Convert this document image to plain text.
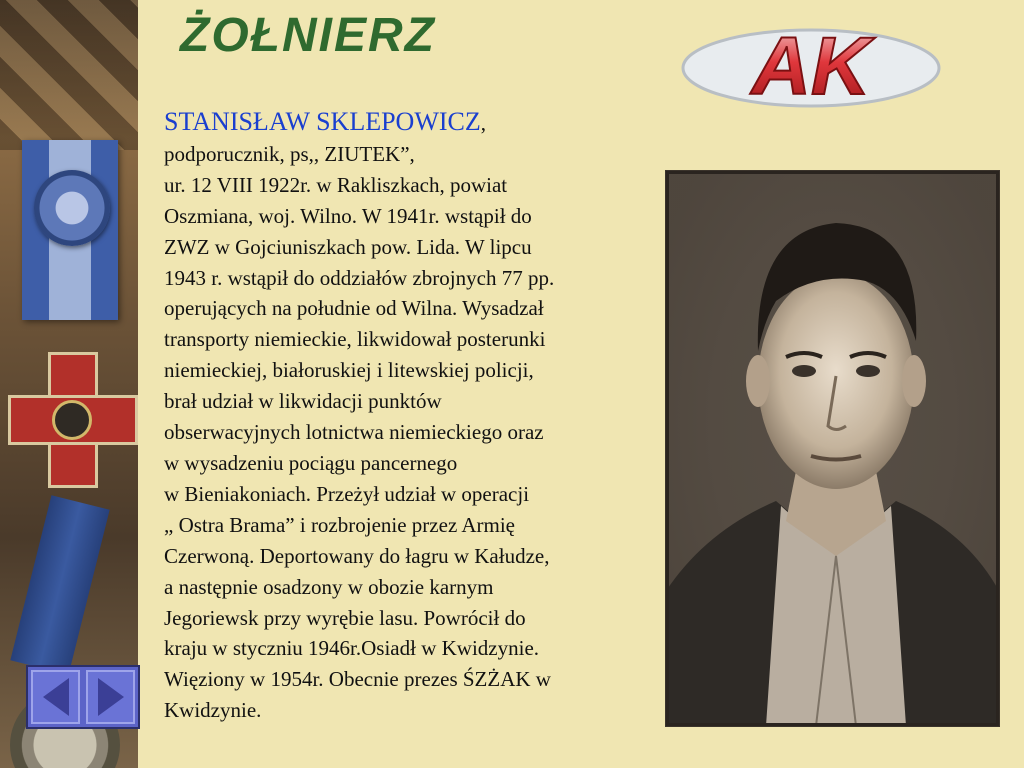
ŻOŁNIERZ	AK
STANISŁAW SKLEPOWICZ,
podporucznik, ps,, ZIUTEK”,
ur. 12 VIII 1922r. w Rakliszkach, powiat
Oszmiana, woj. Wilno. W 1941r. wstąpił do
ZWZ w Gojciuniszkach pow. Lida. W lipcu
1943 r. wstąpił do oddziałów zbrojnych 77 pp.
operujących na południe od Wilna. Wysadzał
transporty niemieckie, likwidował posterunki
niemieckiej, białoruskiej i litewskiej policji,
brał udział w likwidacji punktów
obserwacyjnych lotnictwa niemieckiego oraz
w wysadzeniu pociągu pancernego
w Bieniakoniach. Przeżył udział w operacji
„ Ostra Brama” i rozbrojenie przez Armię
Czerwoną. Deportowany do łagru w Kałudze,
a następnie osadzony w obozie karnym
Jegoriewsk przy wyrębie lasu. Powrócił do
kraju w styczniu 1946r.Osiadł w Kwidzynie.
Więziony w 1954r. Obecnie prezes ŚZŻAK w
Kwidzynie.
